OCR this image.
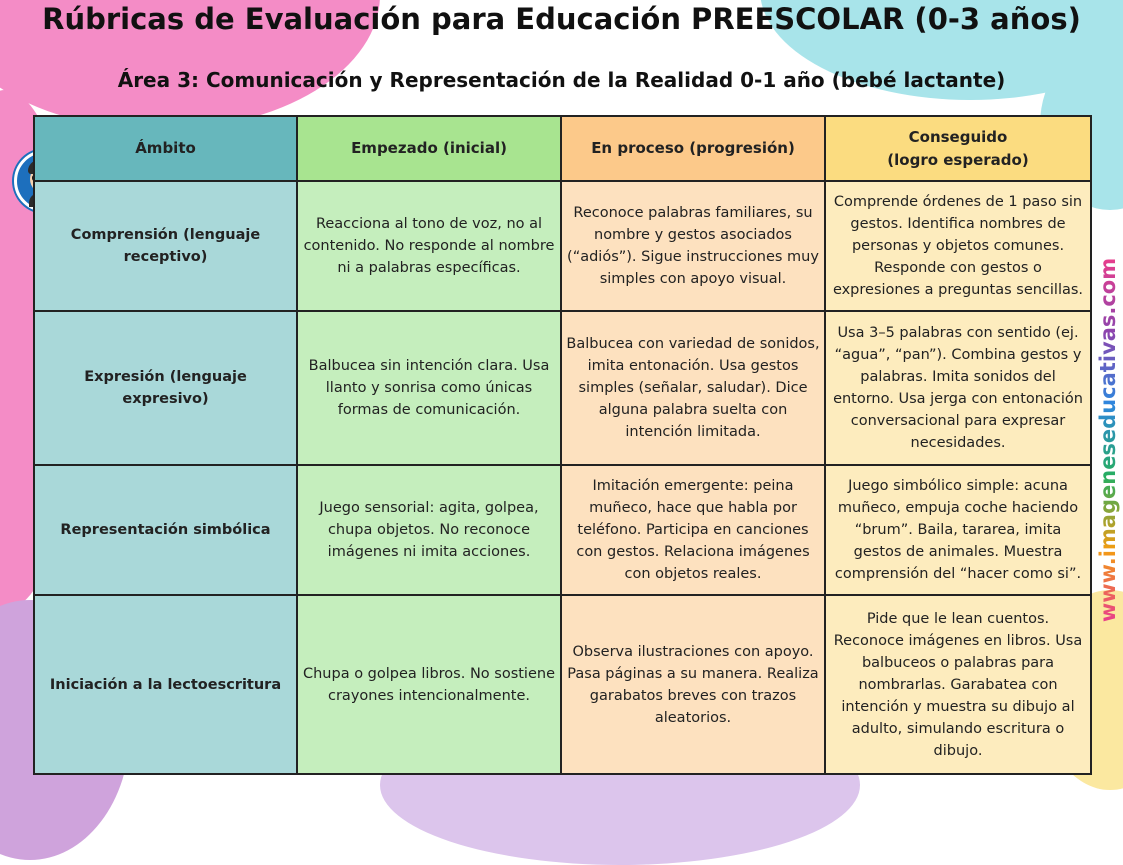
Rúbricas de Evaluación para Educación PREESCOLAR (0-3 años)
Área 3: Comunicación y Representación de la Realidad 0-1 año (bebé lactante)
www.imageneseducativas.com
Ámbito	Empezado (inicial)	En proceso (progresión)	Conseguido
(logro esperado)

Comprensión (lenguaje receptivo)	Reacciona al tono de voz, no al contenido. No responde al nombre ni a palabras específicas.	Reconoce palabras familiares, su nombre y gestos asociados (“adiós”). Sigue instrucciones muy simples con apoyo visual.	Comprende órdenes de 1 paso sin gestos. Identifica nombres de personas y objetos comunes. Responde con gestos o expresiones a preguntas sencillas.
Expresión (lenguaje expresivo)	Balbucea sin intención clara. Usa llanto y sonrisa como únicas formas de comunicación.	Balbucea con variedad de sonidos, imita entonación. Usa gestos simples (señalar, saludar). Dice alguna palabra suelta con intención limitada.	Usa 3–5 palabras con sentido (ej. “agua”, “pan”). Combina gestos y palabras. Imita sonidos del entorno. Usa jerga con entonación conversacional para expresar necesidades.
Representación simbólica	Juego sensorial: agita, golpea, chupa objetos. No reconoce imágenes ni imita acciones.	Imitación emergente: peina muñeco, hace que habla por teléfono. Participa en canciones con gestos. Relaciona imágenes con objetos reales.	Juego simbólico simple: acuna muñeco, empuja coche haciendo “brum”. Baila, tararea, imita gestos de animales. Muestra comprensión del “hacer como si”.
Iniciación a la lectoescritura	Chupa o golpea libros. No sostiene crayones intencionalmente.	Observa ilustraciones con apoyo. Pasa páginas a su manera. Realiza garabatos breves con trazos aleatorios.	Pide que le lean cuentos. Reconoce imágenes en libros. Usa balbuceos o palabras para nombrarlas. Garabatea con intención y muestra su dibujo al adulto, simulando escritura o dibujo.
